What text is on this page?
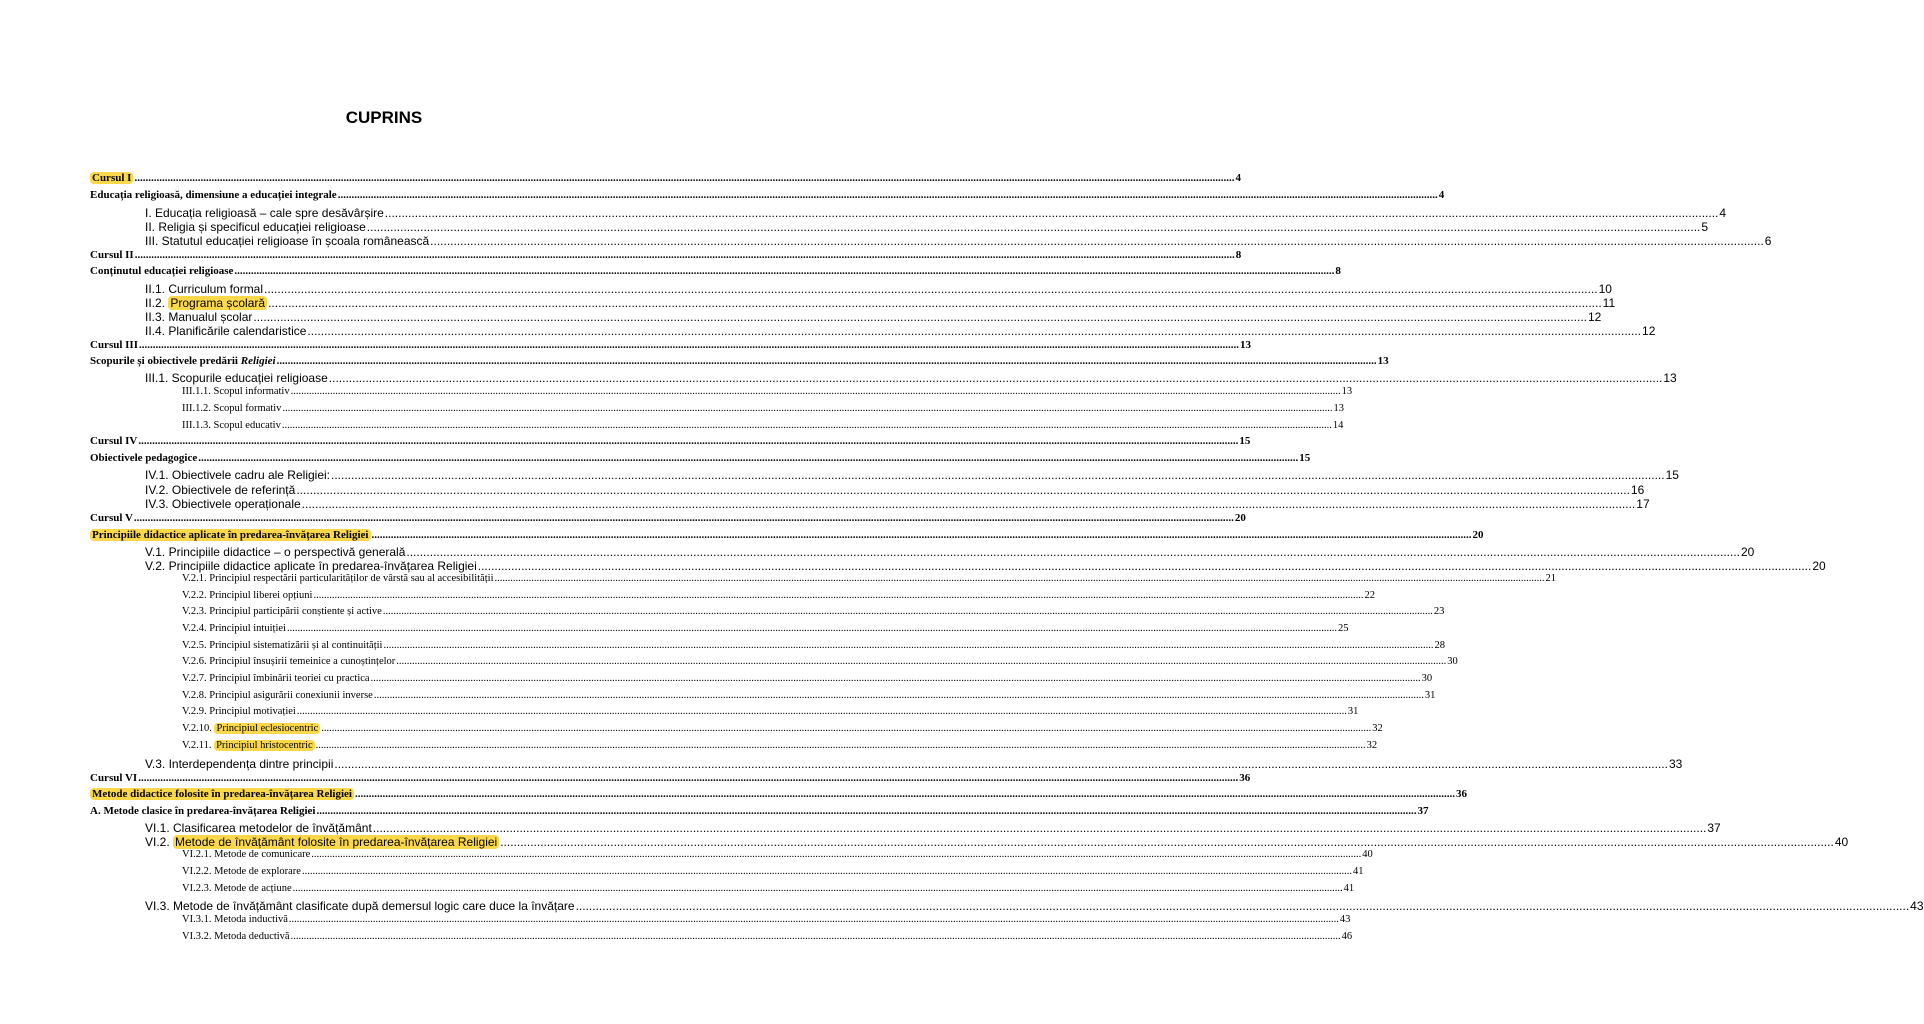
CUPRINS
Cursul I ................................................................................................................................................................................................................................................................................................................................................................................................................ 4
Educația religioasă, dimensiune a educației integrale ................................................................................................................................................................................................................................................................................................................................................................................................................ 4
I. Educația religioasă – cale spre desăvârșire ................................................................................................................................................................................................................................................................................................................................................................................................................ 4
II. Religia și specificul educației religioase ................................................................................................................................................................................................................................................................................................................................................................................................................ 5
III. Statutul educației religioase în școala românească ................................................................................................................................................................................................................................................................................................................................................................................................................ 6
Cursul II ................................................................................................................................................................................................................................................................................................................................................................................................................ 8
Conținutul educației religioase ................................................................................................................................................................................................................................................................................................................................................................................................................ 8
II.1. Curriculum formal ................................................................................................................................................................................................................................................................................................................................................................................................................ 10
II.2. Programa școlară ................................................................................................................................................................................................................................................................................................................................................................................................................ 11
II.3. Manualul școlar ................................................................................................................................................................................................................................................................................................................................................................................................................ 12
II.4. Planificările calendaristice ................................................................................................................................................................................................................................................................................................................................................................................................................ 12
Cursul III ................................................................................................................................................................................................................................................................................................................................................................................................................ 13
Scopurile și obiectivele predării Religiei ................................................................................................................................................................................................................................................................................................................................................................................................................ 13
III.1. Scopurile educației religioase ................................................................................................................................................................................................................................................................................................................................................................................................................ 13
III.1.1. Scopul informativ ................................................................................................................................................................................................................................................................................................................................................................................................................ 13
III.1.2. Scopul formativ ................................................................................................................................................................................................................................................................................................................................................................................................................ 13
III.1.3. Scopul educativ ................................................................................................................................................................................................................................................................................................................................................................................................................ 14
Cursul IV ................................................................................................................................................................................................................................................................................................................................................................................................................ 15
Obiectivele pedagogice ................................................................................................................................................................................................................................................................................................................................................................................................................ 15
IV.1. Obiectivele cadru ale Religiei: ................................................................................................................................................................................................................................................................................................................................................................................................................ 15
IV.2. Obiectivele de referință ................................................................................................................................................................................................................................................................................................................................................................................................................ 16
IV.3. Obiectivele operaționale ................................................................................................................................................................................................................................................................................................................................................................................................................ 17
Cursul V ................................................................................................................................................................................................................................................................................................................................................................................................................ 20
Principiile didactice aplicate în predarea-învățarea Religiei ................................................................................................................................................................................................................................................................................................................................................................................................................ 20
V.1. Principiile didactice – o perspectivă generală ................................................................................................................................................................................................................................................................................................................................................................................................................ 20
V.2. Principiile didactice aplicate în predarea-învățarea Religiei ................................................................................................................................................................................................................................................................................................................................................................................................................ 20
V.2.1. Principiul respectării particularităților de vârstă sau al accesibilității ................................................................................................................................................................................................................................................................................................................................................................................................................ 21
V.2.2. Principiul liberei opțiuni ................................................................................................................................................................................................................................................................................................................................................................................................................ 22
V.2.3. Principiul participării conștiente și active ................................................................................................................................................................................................................................................................................................................................................................................................................ 23
V.2.4. Principiul intuiției ................................................................................................................................................................................................................................................................................................................................................................................................................ 25
V.2.5. Principiul sistematizării și al continuității ................................................................................................................................................................................................................................................................................................................................................................................................................ 28
V.2.6. Principiul însușirii temeinice a cunoștințelor ................................................................................................................................................................................................................................................................................................................................................................................................................ 30
V.2.7. Principiul îmbinării teoriei cu practica ................................................................................................................................................................................................................................................................................................................................................................................................................ 30
V.2.8. Principiul asigurării conexiunii inverse ................................................................................................................................................................................................................................................................................................................................................................................................................ 31
V.2.9. Principiul motivației ................................................................................................................................................................................................................................................................................................................................................................................................................ 31
V.2.10. Principiul eclesiocentric ................................................................................................................................................................................................................................................................................................................................................................................................................ 32
V.2.11. Principiul hristocentric ................................................................................................................................................................................................................................................................................................................................................................................................................ 32
V.3. Interdependența dintre principii ................................................................................................................................................................................................................................................................................................................................................................................................................ 33
Cursul VI ................................................................................................................................................................................................................................................................................................................................................................................................................ 36
Metode didactice folosite în predarea-învățarea Religiei ................................................................................................................................................................................................................................................................................................................................................................................................................ 36
A. Metode clasice în predarea-învățarea Religiei ................................................................................................................................................................................................................................................................................................................................................................................................................ 37
VI.1. Clasificarea metodelor de învățământ ................................................................................................................................................................................................................................................................................................................................................................................................................ 37
VI.2. Metode de învățământ folosite în predarea-învățarea Religiei ................................................................................................................................................................................................................................................................................................................................................................................................................ 40
VI.2.1. Metode de comunicare ................................................................................................................................................................................................................................................................................................................................................................................................................ 40
VI.2.2. Metode de explorare ................................................................................................................................................................................................................................................................................................................................................................................................................ 41
VI.2.3. Metode de acțiune ................................................................................................................................................................................................................................................................................................................................................................................................................ 41
VI.3. Metode de învățământ clasificate după demersul logic care duce la învățare ................................................................................................................................................................................................................................................................................................................................................................................................................ 43
VI.3.1. Metoda inductivă ................................................................................................................................................................................................................................................................................................................................................................................................................ 43
VI.3.2. Metoda deductivă ................................................................................................................................................................................................................................................................................................................................................................................................................ 46
